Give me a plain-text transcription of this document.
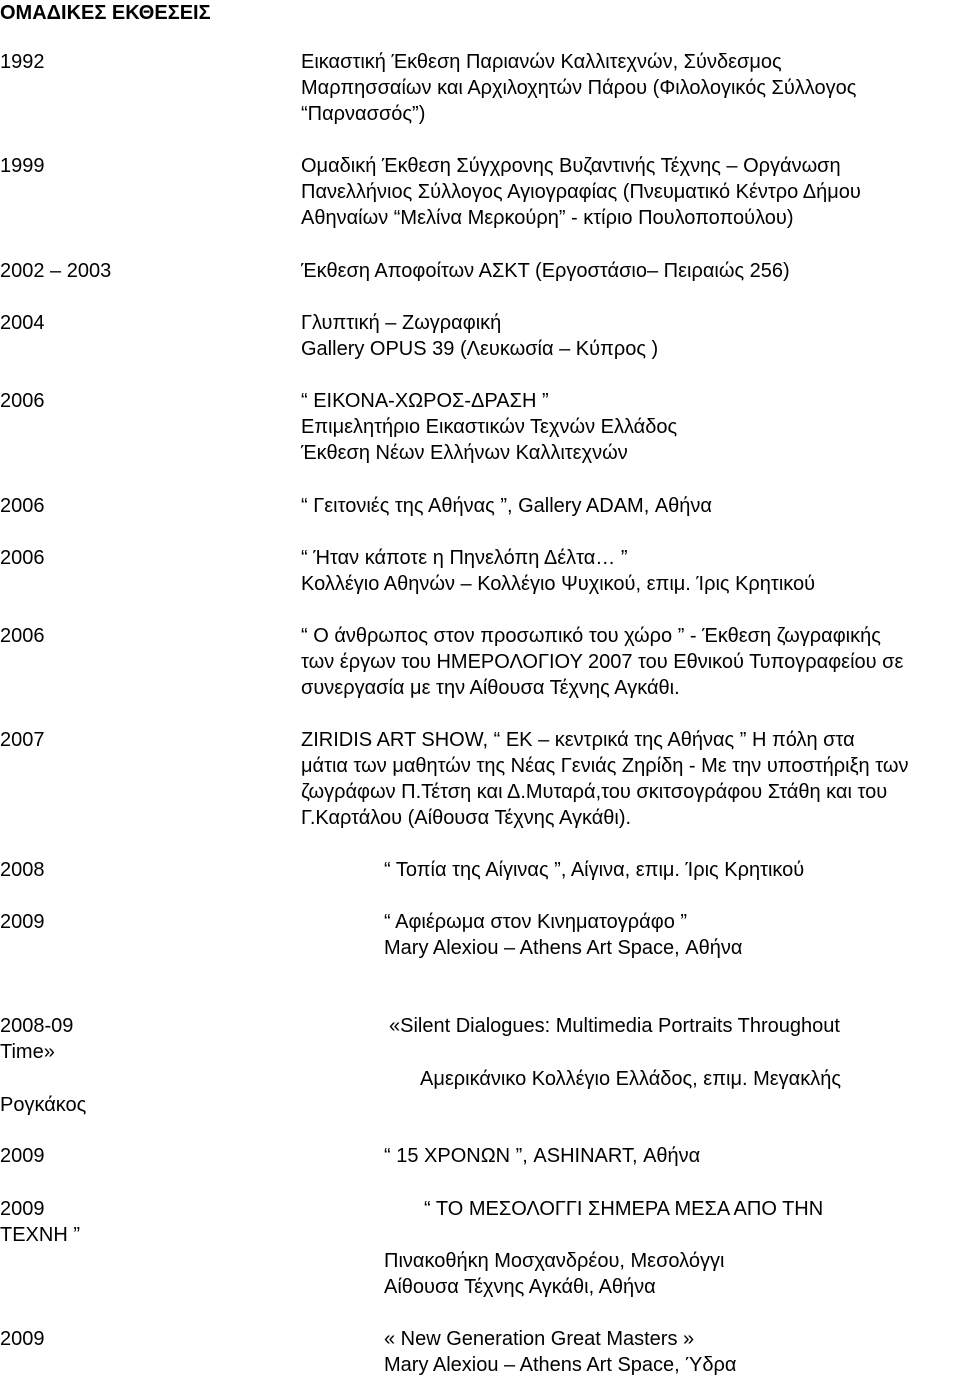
ΟΜΑΔΙΚΕΣ ΕΚΘΕΣΕΙΣ
1992	Εικαστική Έκθεση Παριανών Καλλιτεχνών, Σύνδεσμος
Μαρπησσαίων και Αρχιλοχητών Πάρου (Φιλολογικός Σύλλογος
“Παρνασσός”)
1999	Ομαδική Έκθεση Σύγχρονης Βυζαντινής Τέχνης – Οργάνωση
Πανελλήνιος Σύλλογος Αγιογραφίας (Πνευματικό Κέντρο Δήμου
Αθηναίων “Μελίνα Μερκούρη” - κτίριο Πουλοποπούλου)
2002 – 2003	Έκθεση Αποφοίτων ΑΣΚΤ (Εργοστάσιο– Πειραιώς 256)
2004	Γλυπτική – Ζωγραφική
Gallery OPUS 39 (Λευκωσία – Κύπρος )
2006	“ ΕΙΚΟΝΑ-ΧΩΡΟΣ-ΔΡΑΣΗ ”
Επιμελητήριο Εικαστικών Τεχνών Ελλάδος
Έκθεση Νέων Ελλήνων Καλλιτεχνών
2006	“ Γειτονιές της Αθήνας ”, Gallery ADAM, Αθήνα
2006	“ Ήταν κάποτε η Πηνελόπη Δέλτα… ”
Κολλέγιο Αθηνών – Κολλέγιο Ψυχικού, επιμ. Ίρις Κρητικού
2006	“ Ο άνθρωπος στον προσωπικό του χώρο ” - Έκθεση ζωγραφικής
των έργων του ΗΜΕΡΟΛΟΓΙΟΥ 2007 του Εθνικού Τυπογραφείου σε
συνεργασία με την Αίθουσα Τέχνης Αγκάθι.
2007	ZIRIDIS ART SHOW, “ ΕΚ – κεντρικά της Αθήνας ” Η πόλη στα
μάτια των μαθητών της Νέας Γενιάς Ζηρίδη - Με την υποστήριξη των
ζωγράφων Π.Τέτση και Δ.Μυταρά,του σκιτσογράφου Στάθη και του
Γ.Καρτάλου (Αίθουσα Τέχνης Αγκάθι).
2008	“ Τοπία της Αίγινας ”, Αίγινα, επιμ. Ίρις Κρητικού
2009	“ Αφιέρωμα στον Κινηματογράφο ”
Mary Alexiou – Athens Art Space, Αθήνα
2008-09	«Silent Dialogues: Multimedia Portraits Throughout
Time»
Αμερικάνικο Κολλέγιο Ελλάδος, επιμ. Μεγακλής
Ρογκάκος
2009	“ 15 ΧΡΟΝΩΝ ”, ASHINART, Αθήνα
2009	“ ΤΟ ΜΕΣΟΛΟΓΓΙ ΣΗΜΕΡΑ ΜΕΣΑ ΑΠΟ ΤΗΝ
ΤΕΧΝΗ ”
Πινακοθήκη Μοσχανδρέου, Μεσολόγγι
Αίθουσα Τέχνης Αγκάθι, Αθήνα
2009	« New Generation Great Masters »
Mary Alexiou – Athens Art Space, Ύδρα
